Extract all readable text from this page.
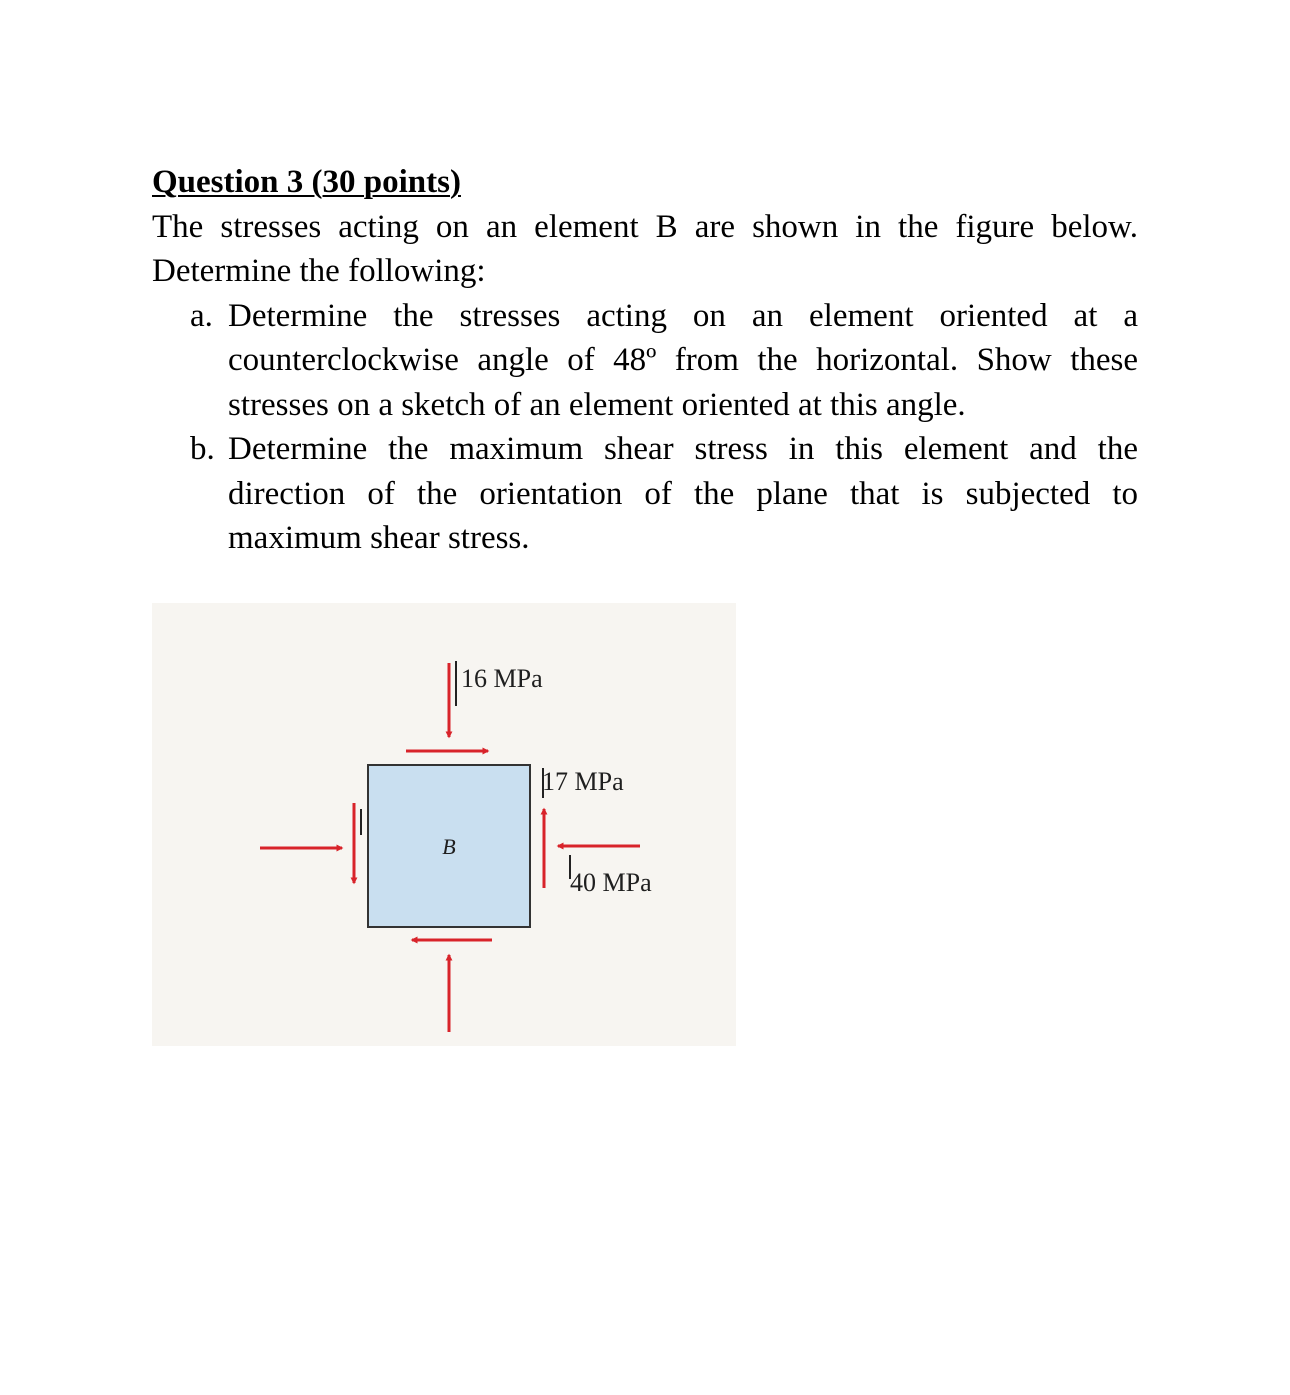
Question 3 (30 points)
The stresses acting on an element B are shown in the figure below. Determine the following:
a. Determine the stresses acting on an element oriented at a counterclockwise angle of 48º from the horizontal. Show these stresses on a sketch of an element oriented at this angle.
b. Determine the maximum shear stress in this element and the direction of the orientation of the plane that is subjected to maximum shear stress.
B
16 MPa
17 MPa
40 MPa
